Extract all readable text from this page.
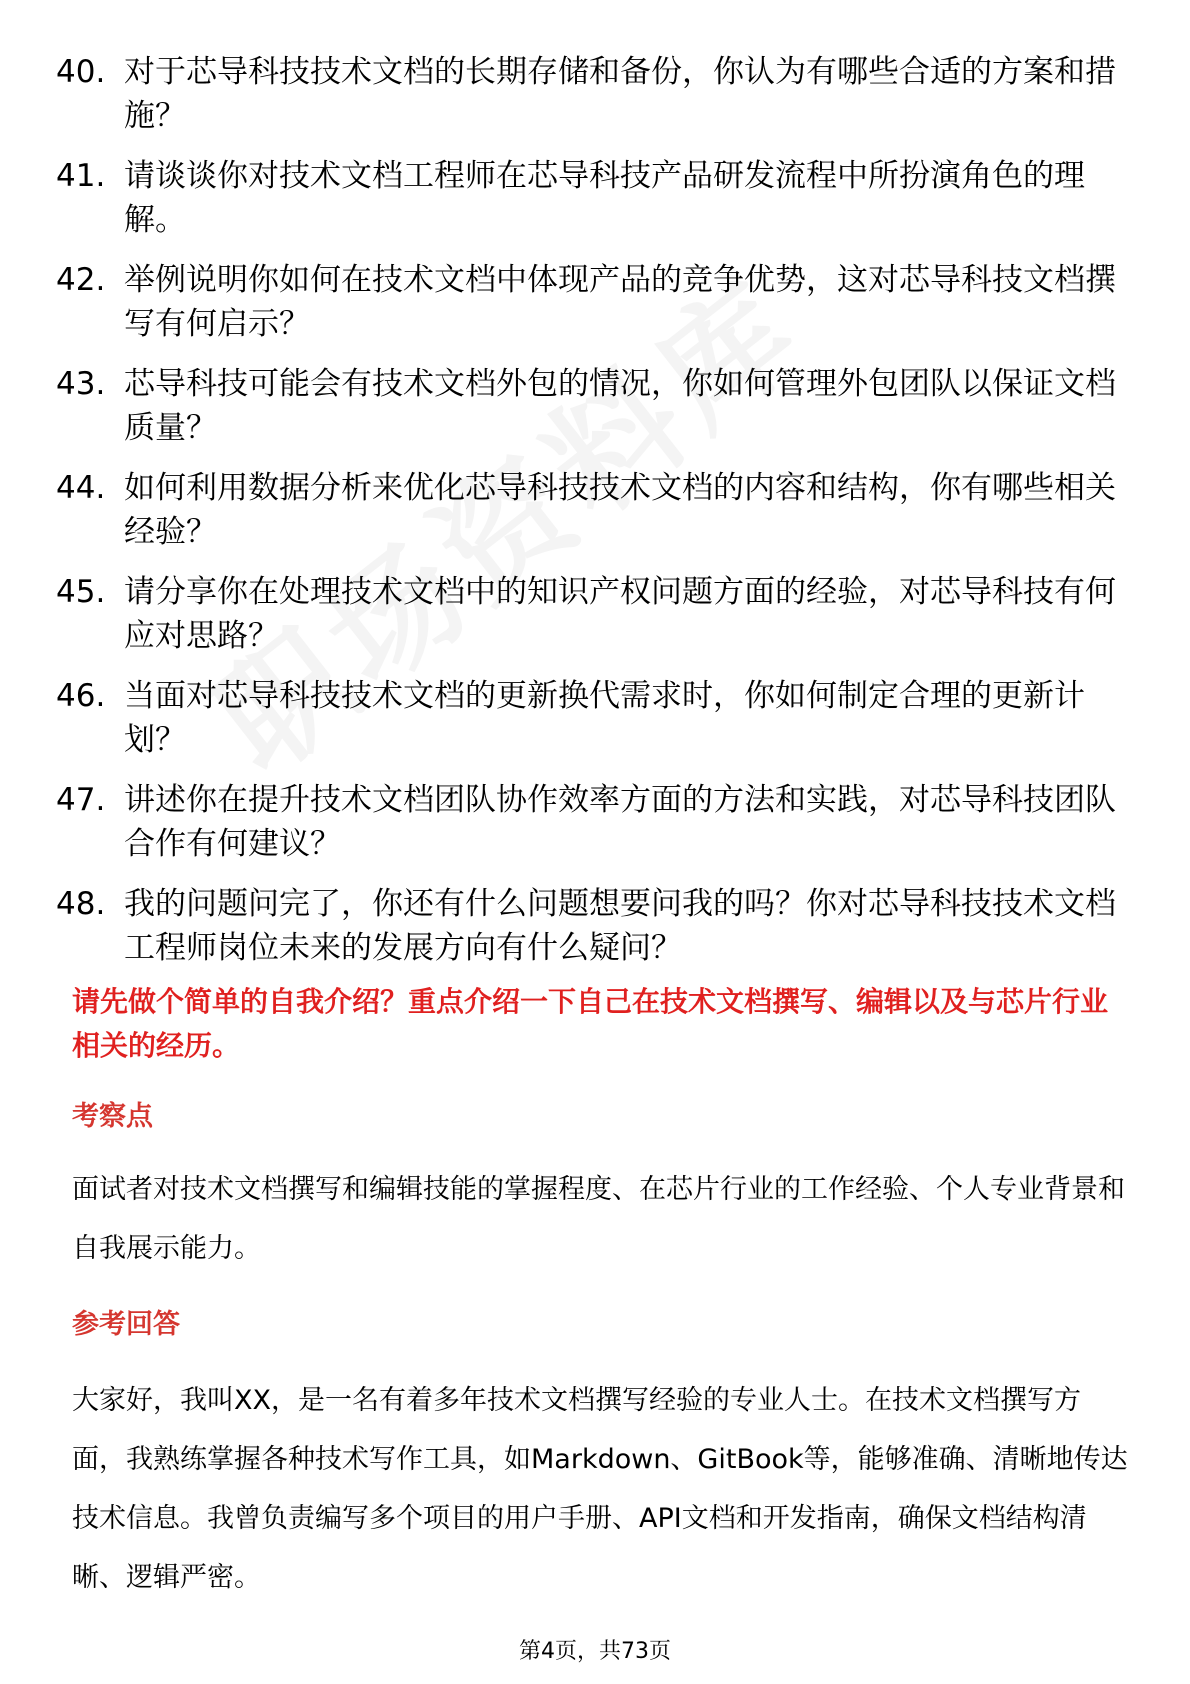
40. 对于芯导科技技术文档的长期存储和备份，你认为有哪些合适的方案和措施？
41. 请谈谈你对技术文档工程师在芯导科技产品研发流程中所扮演角色的理解。
42. 举例说明你如何在技术文档中体现产品的竞争优势，这对芯导科技文档撰写有何启示？
43. 芯导科技可能会有技术文档外包的情况，你如何管理外包团队以保证文档质量？
44. 如何利用数据分析来优化芯导科技技术文档的内容和结构，你有哪些相关经验？
45. 请分享你在处理技术文档中的知识产权问题方面的经验，对芯导科技有何应对思路？
46. 当面对芯导科技技术文档的更新换代需求时，你如何制定合理的更新计划？
47. 讲述你在提升技术文档团队协作效率方面的方法和实践，对芯导科技团队合作有何建议？
48. 我的问题问完了，你还有什么问题想要问我的吗？你对芯导科技技术文档工程师岗位未来的发展方向有什么疑问？
请先做个简单的自我介绍？重点介绍一下自己在技术文档撰写、编辑以及与芯片行业相关的经历。
考察点
面试者对技术文档撰写和编辑技能的掌握程度、在芯片行业的工作经验、个人专业背景和自我展示能力。
参考回答
大家好，我叫XX，是一名有着多年技术文档撰写经验的专业人士。在技术文档撰写方面，我熟练掌握各种技术写作工具，如Markdown、GitBook等，能够准确、清晰地传达技术信息。我曾负责编写多个项目的用户手册、API文档和开发指南，确保文档结构清晰、逻辑严密。
第4页，共73页
